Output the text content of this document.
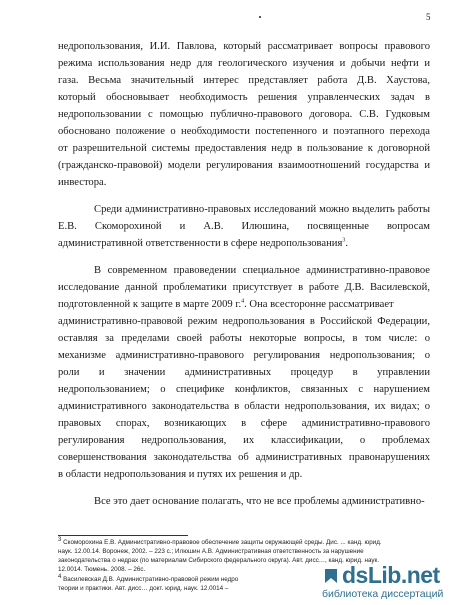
5
недропользования, И.И. Павлова, который рассматривает вопросы правового
режима использования недр для геологического изучения и добычи нефти и
газа. Весьма значительный интерес представляет работа Д.В. Хаустова,
который обосновывает необходимость решения управленческих задач в
недропользовании с помощью публично-правового договора. С.В. Гудковым
обосновано положение о необходимости постепенного и поэтапного перехода
от разрешительной системы предоставления недр в пользование к договорной
(гражданско-правовой) модели регулирования взаимоотношений государства и
инвестора.
Среди административно-правовых исследований можно выделить работы
Е.В. Скоморохиной и А.В. Илюшина, посвященные вопросам
административной ответственности в сфере недропользования$^3$.
В современном правоведении специальное административно-правовое
исследование данной проблематики присутствует в работе Д.В. Василевской,
подготовленной к защите в марте 2009 г.$^4$. Она всесторонне рассматривает
административно-правовой режим недропользования в Российской Федерации,
оставляя за пределами своей работы некоторые вопросы, в том числе: о
механизме административно-правового регулирования недропользования; о
роли и значении административных процедур в управлении
недропользованием; о специфике конфликтов, связанных с нарушением
административного законодательства в области недропользования, их видах; о
правовых спорах, возникающих в сфере административно-правового
регулирования недропользования, их классификации, о проблемах
совершенствования законодательства об административных правонарушениях
в области недропользования и путях их решения и др.
Все это дает основание полагать, что не все проблемы административно-
$^3$ Скоморохина Е.В. Административно-правовое обеспечение защиты окружающей среды. Дис. ... канд. юрид.
наук. 12.00.14. Воронеж, 2002. – 223 с.; Илюшин А.В. Административная ответственность за нарушение
законодательства о недрах (по материалам Сибирского федерального округа). Авт. дисс…, канд. юрид. наук.
12.0014. Тюмень. 2008. – 26с.
$^4$ Василевская Д.В. Административно-правовой режим недро
теории и практики. Авт. дисс… докт. юрид. наук. 12.0014 –
dsLib.net
библиотека диссертаций
